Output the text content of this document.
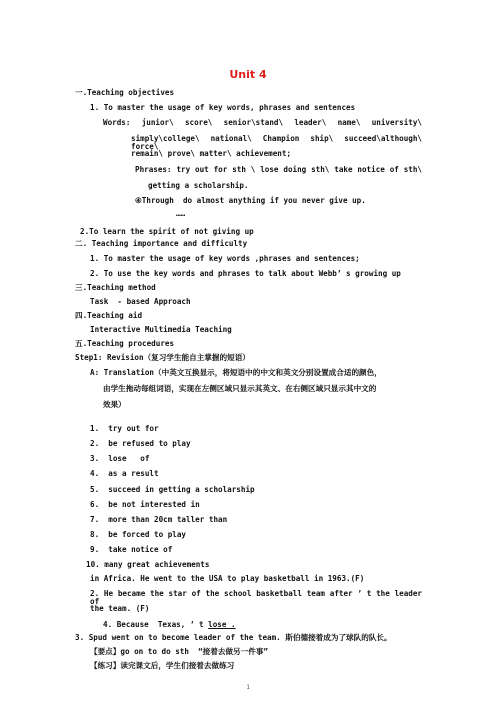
Unit 4
一.Teaching objectives
1. To master the usage of key words, phrases and sentences
Words: junior\ score\ senior\stand\ leader\ name\ university\
simply\college\ national\ Champion ship\ succeed\although\ force\
remain\ prove\ matter\ achievement;
Phrases: try out for sth \ lose doing sth\ take notice of sth\
getting a scholarship.
④Through  do almost anything if you never give up.
……
2.To learn the spirit of not giving up
二. Teaching importance and difficulty
1. To master the usage of key words ,phrases and sentences;
2. To use the key words and phrases to talk about Webb’ s growing up
三.Teaching method
Task  - based Approach
四.Teaching aid
Interactive Multimedia Teaching
五.Teaching procedures
Step1: Revision（复习学生能自主掌握的短语）
A: Translation（中英文互换显示，将短语中的中文和英文分别设置成合适的颜色，
由学生拖动每组词语，实现在左侧区域只显示其英文、在右侧区域只显示其中文的
效果）
1.  try out for
2.  be refused to play
3.  lose   of
4.  as a result
5.  succeed in getting a scholarship
6.  be not interested in
7.  more than 20cm taller than
8.  be forced to play
9.  take notice of
10. many great achievements
in Africa. He went to the USA to play basketball in 1963.(F)
2. He became the star of the school basketball team after ’ t the leader of
the team. (F)
4. Because  Texas, ’ t lose .
3. Spud went on to become leader of the team. 斯伯德接着成为了球队的队长。
【要点】go on to do sth  “接着去做另一件事”
【练习】读完课文后，学生们接着去做练习
1
